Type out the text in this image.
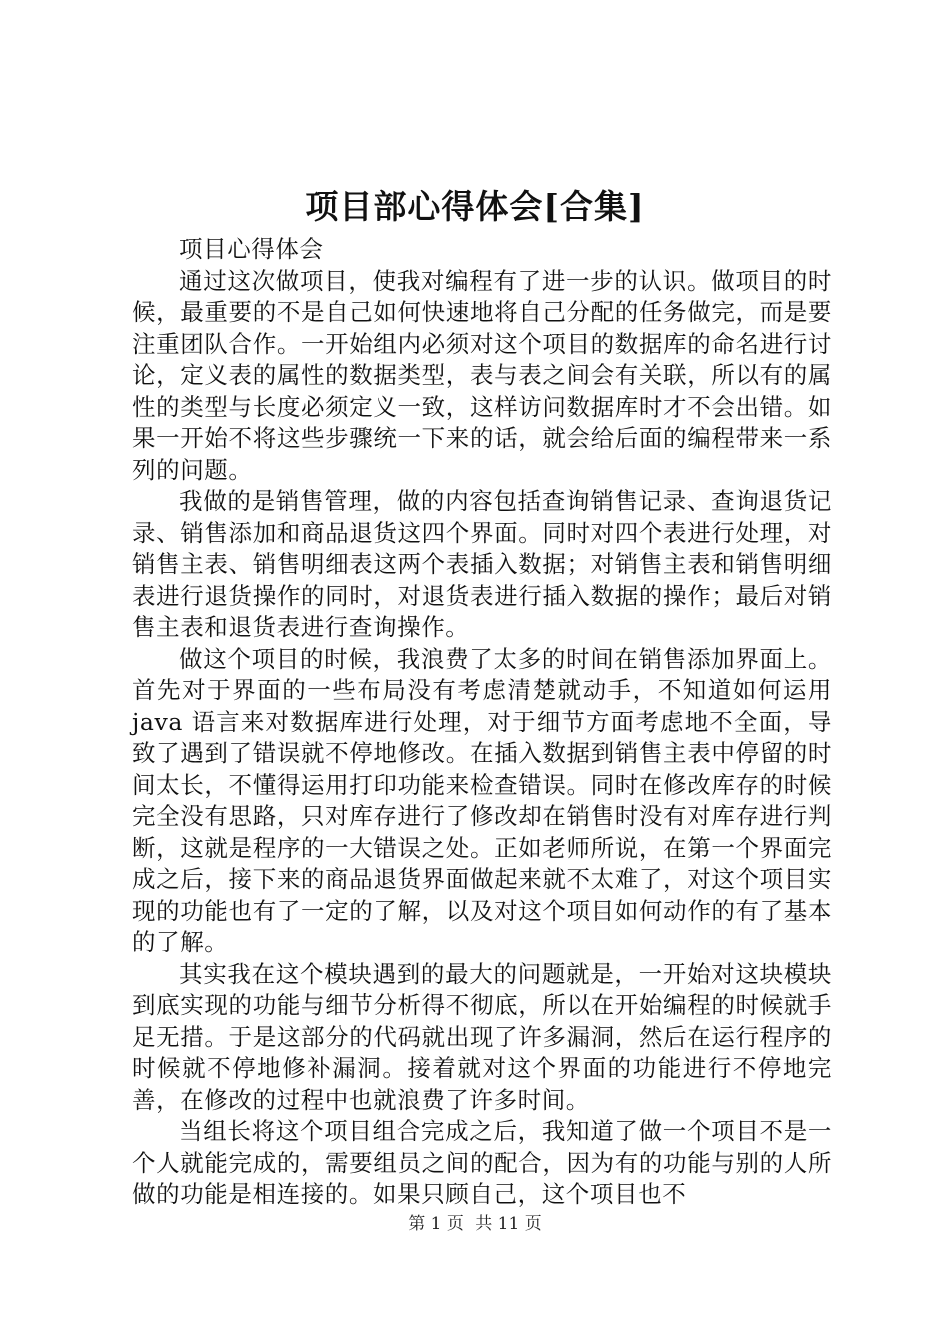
项目部心得体会[合集]

项目心得体会

通过这次做项目，使我对编程有了进一步的认识。做项目的时候，最重要的不是自己如何快速地将自己分配的任务做完，而是要注重团队合作。一开始组内必须对这个项目的数据库的命名进行讨论，定义表的属性的数据类型，表与表之间会有关联，所以有的属性的类型与长度必须定义一致，这样访问数据库时才不会出错。如果一开始不将这些步骤统一下来的话，就会给后面的编程带来一系列的问题。

我做的是销售管理，做的内容包括查询销售记录、查询退货记录、销售添加和商品退货这四个界面。同时对四个表进行处理，对销售主表、销售明细表这两个表插入数据；对销售主表和销售明细表进行退货操作的同时，对退货表进行插入数据的操作；最后对销售主表和退货表进行查询操作。

做这个项目的时候，我浪费了太多的时间在销售添加界面上。首先对于界面的一些布局没有考虑清楚就动手，不知道如何运用 java 语言来对数据库进行处理，对于细节方面考虑地不全面，导致了遇到了错误就不停地修改。在插入数据到销售主表中停留的时间太长，不懂得运用打印功能来检查错误。同时在修改库存的时候完全没有思路，只对库存进行了修改却在销售时没有对库存进行判断，这就是程序的一大错误之处。正如老师所说，在第一个界面完成之后，接下来的商品退货界面做起来就不太难了，对这个项目实现的功能也有了一定的了解，以及对这个项目如何动作的有了基本的了解。

其实我在这个模块遇到的最大的问题就是，一开始对这块模块到底实现的功能与细节分析得不彻底，所以在开始编程的时候就手足无措。于是这部分的代码就出现了许多漏洞，然后在运行程序的时候就不停地修补漏洞。接着就对这个界面的功能进行不停地完善，在修改的过程中也就浪费了许多时间。

当组长将这个项目组合完成之后，我知道了做一个项目不是一个人就能完成的，需要组员之间的配合，因为有的功能与别的人所做的功能是相连接的。如果只顾自己，这个项目也不

第 1 页 共 11 页
